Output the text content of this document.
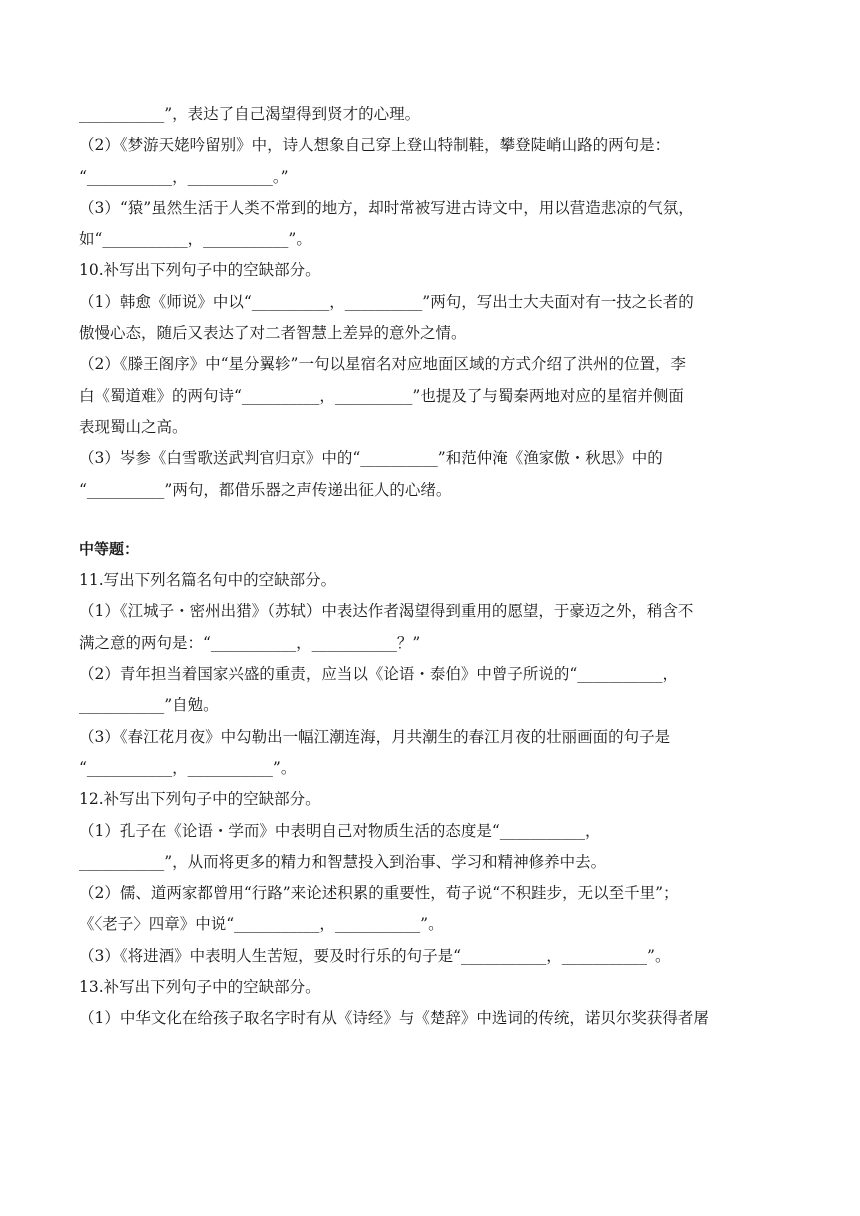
___________”，表达了自己渴望得到贤才的心理。
（2）《梦游天姥吟留别》中，诗人想象自己穿上登山特制鞋，攀登陡峭山路的两句是：
“___________，___________。”
（3）“猿”虽然生活于人类不常到的地方，却时常被写进古诗文中，用以营造悲凉的气氛，
如“___________，___________”。
10.补写出下列句子中的空缺部分。
（1）韩愈《师说》中以“__________，__________”两句，写出士大夫面对有一技之长者的
傲慢心态，随后又表达了对二者智慧上差异的意外之情。
（2）《滕王阁序》中“星分翼轸”一句以星宿名对应地面区域的方式介绍了洪州的位置，李
白《蜀道难》的两句诗“__________，__________”也提及了与蜀秦两地对应的星宿并侧面
表现蜀山之高。
（3）岑参《白雪歌送武判官归京》中的“__________”和范仲淹《渔家傲・秋思》中的
“__________”两句，都借乐器之声传递出征人的心绪。
中等题：
11.写出下列名篇名句中的空缺部分。
（1）《江城子・密州出猎》（苏轼）中表达作者渴望得到重用的愿望，于豪迈之外，稍含不
满之意的两句是：“___________，___________？”
（2）青年担当着国家兴盛的重责，应当以《论语・泰伯》中曾子所说的“___________，
___________”自勉。
（3）《春江花月夜》中勾勒出一幅江潮连海，月共潮生的春江月夜的壮丽画面的句子是
“___________，___________”。
12.补写出下列句子中的空缺部分。
（1）孔子在《论语・学而》中表明自己对物质生活的态度是“___________，
___________”，从而将更多的精力和智慧投入到治事、学习和精神修养中去。
（2）儒、道两家都曾用“行路”来论述积累的重要性，荀子说“不积跬步，无以至千里”；
《〈老子〉四章》中说“___________，___________”。
（3）《将进酒》中表明人生苦短，要及时行乐的句子是“___________，___________”。
13.补写出下列句子中的空缺部分。
（1）中华文化在给孩子取名字时有从《诗经》与《楚辞》中选词的传统，诺贝尔奖获得者屠
